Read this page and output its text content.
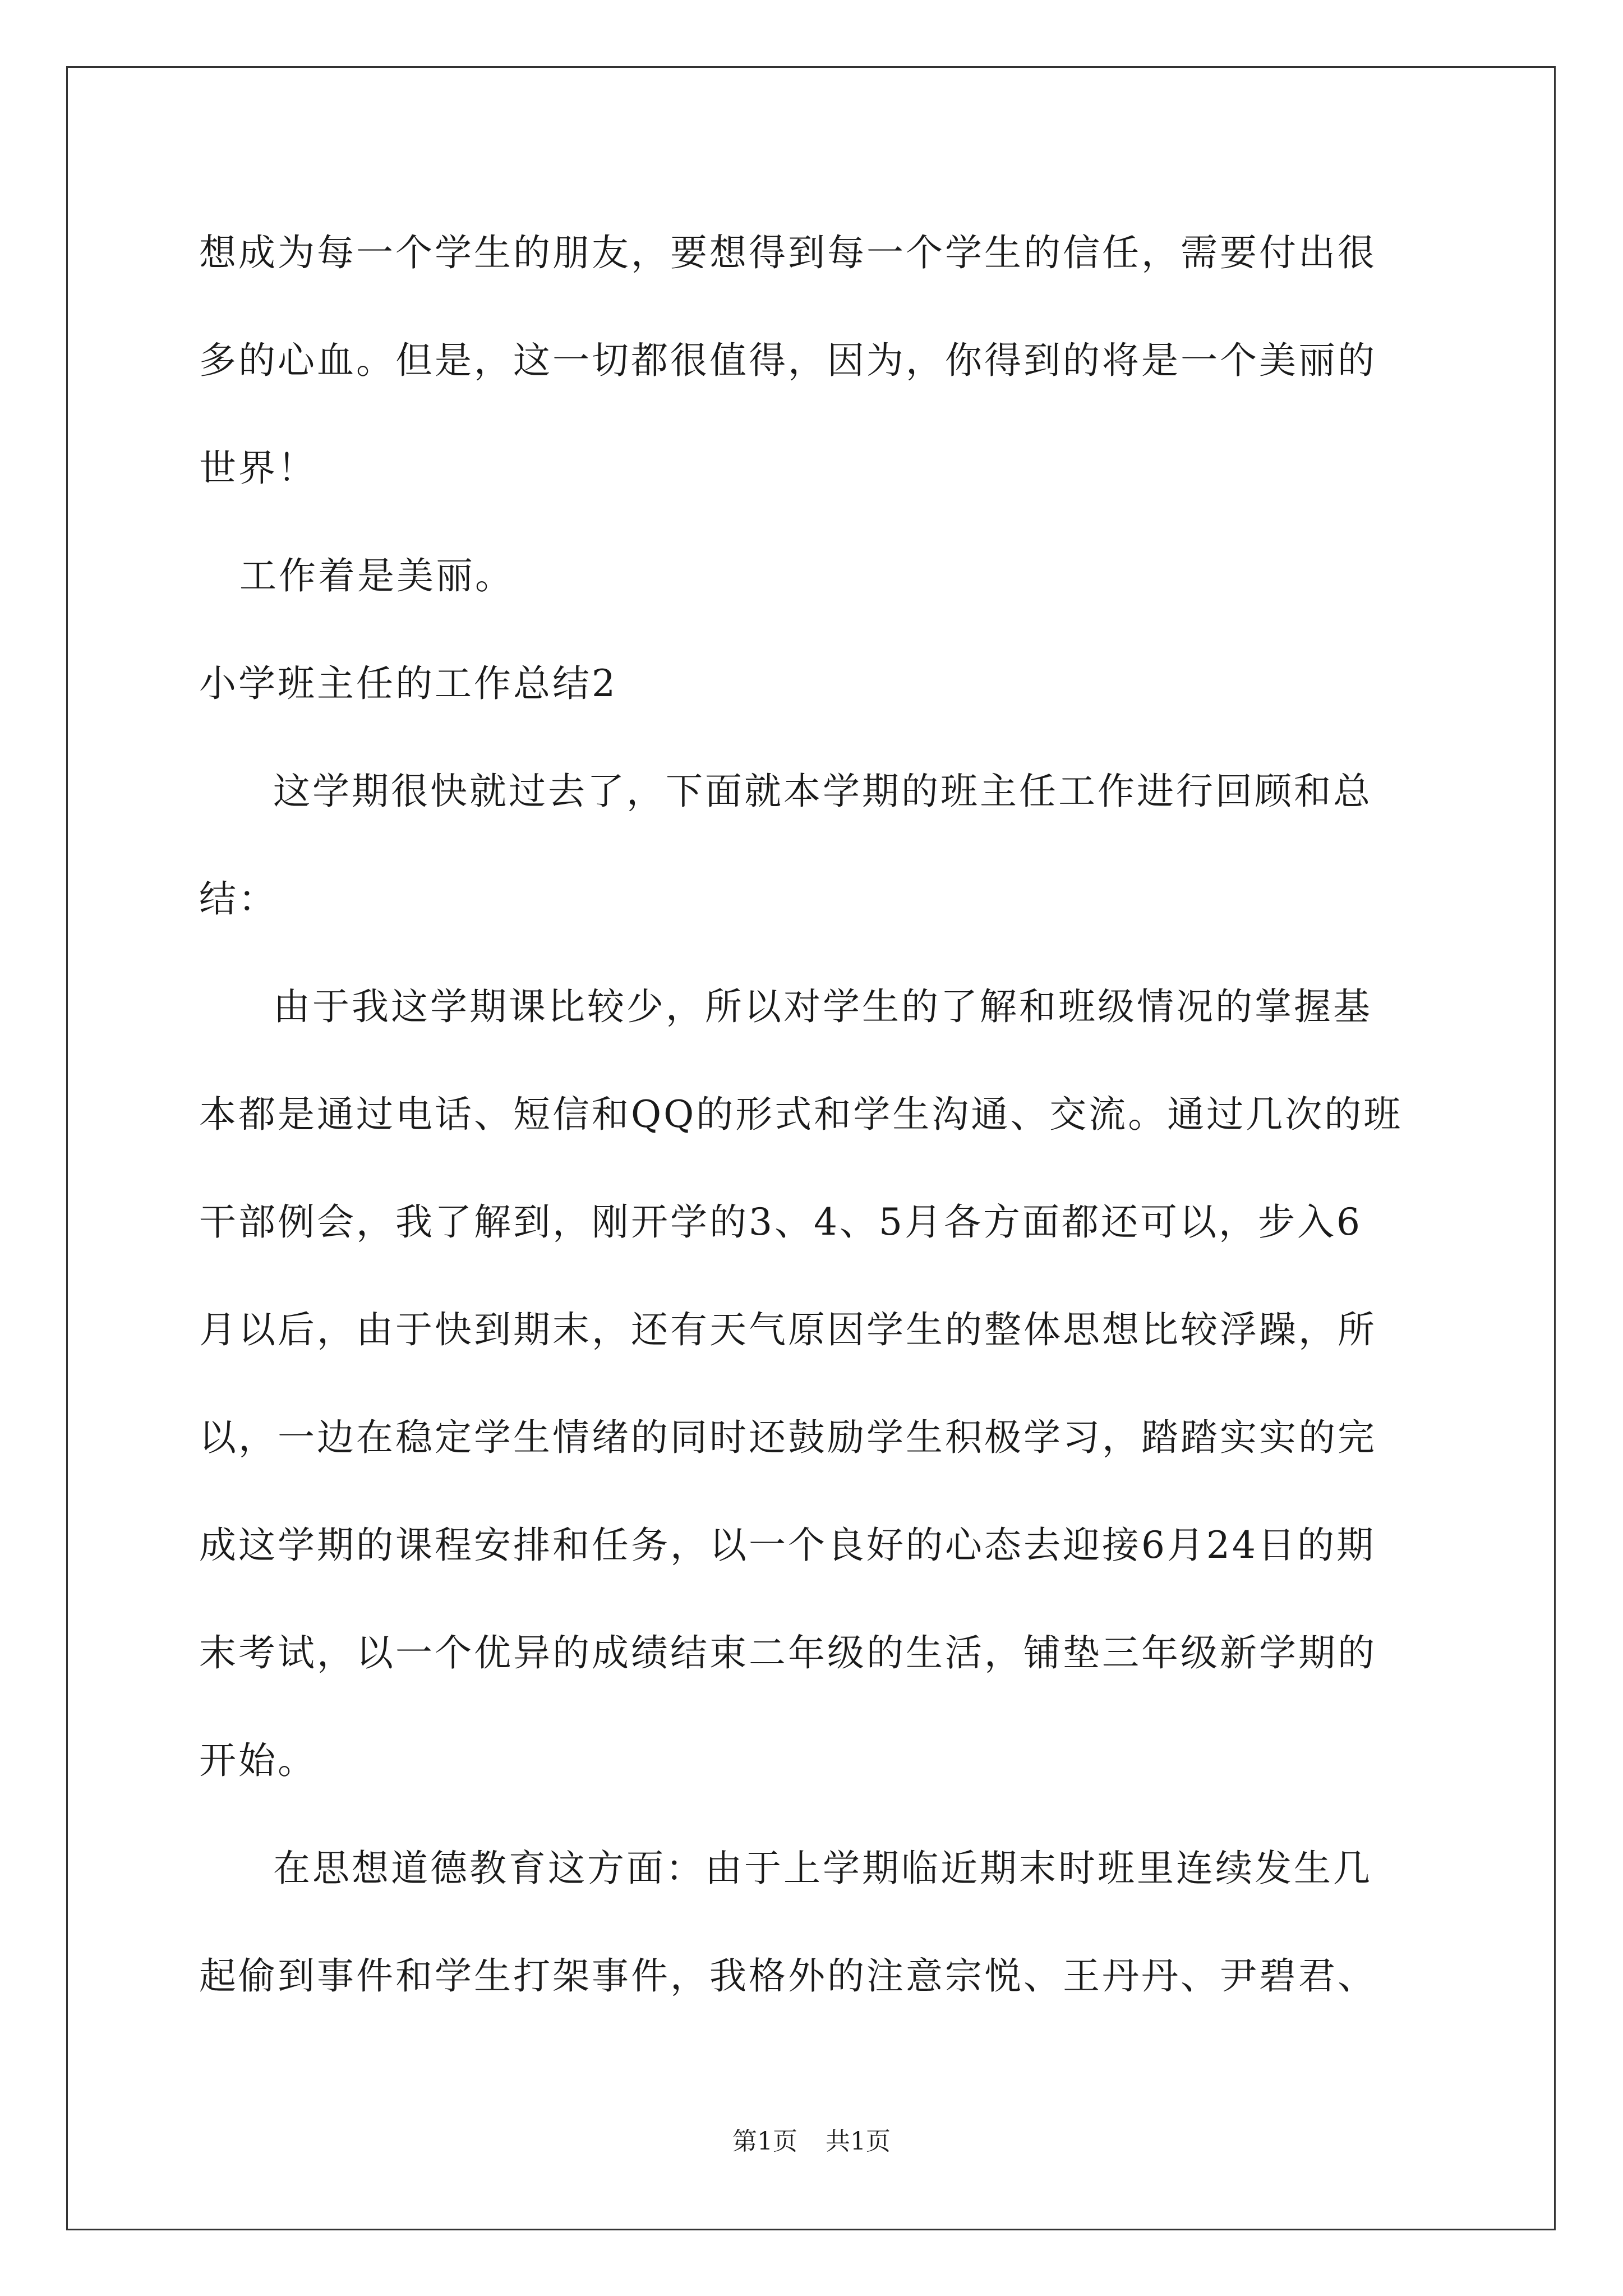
想成为每一个学生的朋友，要想得到每一个学生的信任，需要付出很
多的心血。但是，这一切都很值得，因为，你得到的将是一个美丽的
世界！
工作着是美丽。
小学班主任的工作总结2
这学期很快就过去了，下面就本学期的班主任工作进行回顾和总
结：
由于我这学期课比较少，所以对学生的了解和班级情况的掌握基
本都是通过电话、短信和QQ的形式和学生沟通、交流。通过几次的班
干部例会，我了解到，刚开学的3、4、5月各方面都还可以，步入6
月以后，由于快到期末，还有天气原因学生的整体思想比较浮躁，所
以，一边在稳定学生情绪的同时还鼓励学生积极学习，踏踏实实的完
成这学期的课程安排和任务，以一个良好的心态去迎接6月24日的期
末考试，以一个优异的成绩结束二年级的生活，铺垫三年级新学期的
开始。
在思想道德教育这方面：由于上学期临近期末时班里连续发生几
起偷到事件和学生打架事件，我格外的注意宗悦、王丹丹、尹碧君、
第1页 共1页
